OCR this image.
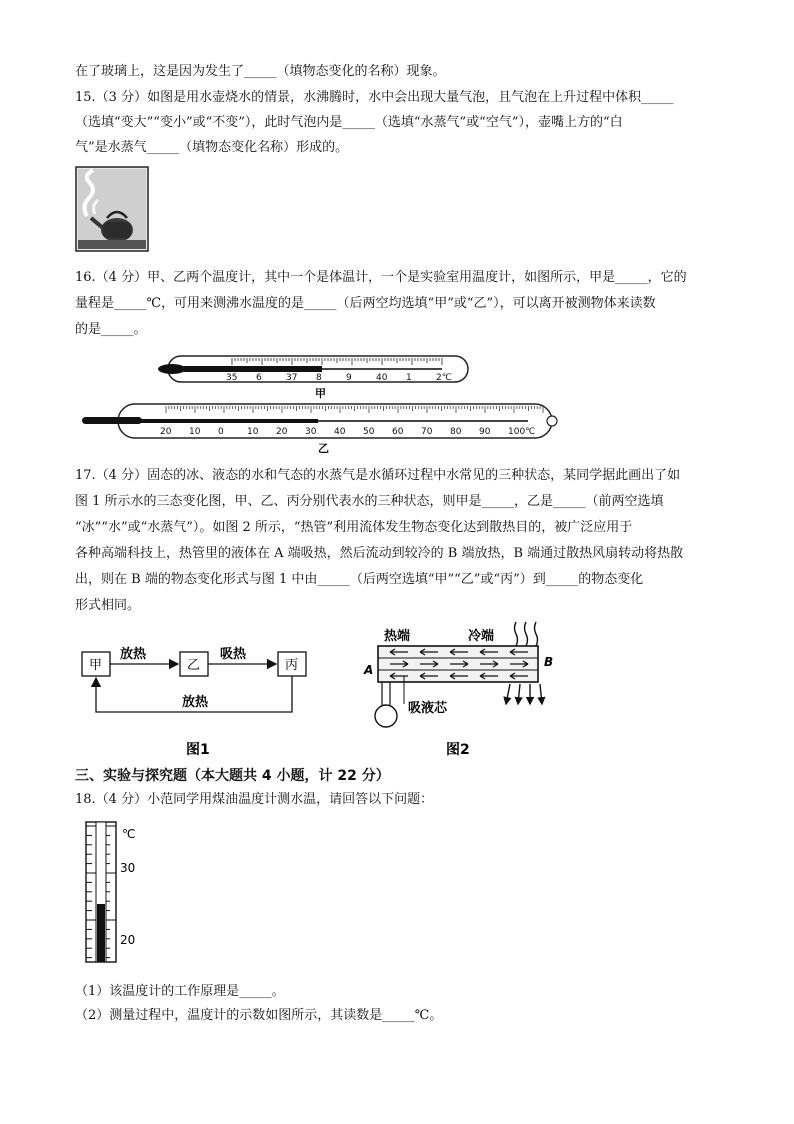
在了玻璃上，这是因为发生了_____（填物态变化的名称）现象。
15.（3 分）如图是用水壶烧水的情景，水沸腾时，水中会出现大量气泡，且气泡在上升过程中体积_____
（选填“变大”“变小”或“不变”），此时气泡内是_____（选填“水蒸气”或“空气”），壶嘴上方的“白
气”是水蒸气_____（填物态变化名称）形成的。
16.（4 分）甲、乙两个温度计，其中一个是体温计，一个是实验室用温度计，如图所示，甲是_____，它的
量程是_____℃，可用来测沸水温度的是_____（后两空均选填“甲”或“乙”），可以离开被测物体来读数
的是_____。
35 6	37 8	9	40 1	2℃
甲
20 10 0	10 20 30 40 50 60 70 80 90 100℃
乙
17.（4 分）固态的冰、液态的水和气态的水蒸气是水循环过程中水常见的三种状态，某同学据此画出了如
图 1 所示水的三态变化图，甲、乙、丙分别代表水的三种状态，则甲是_____，乙是_____（前两空选填
“冰”“水”或“水蒸气”）。如图 2 所示，“热管”利用流体发生物态变化达到散热目的，被广泛应用于
各种高端科技上，热管里的液体在 A 端吸热，然后流动到较冷的 B 端放热，B 端通过散热风扇转动将热散
出，则在 B 端的物态变化形式与图 1 中由_____（后两空选填“甲”“乙”或“丙”）到_____的物态变化
形式相同。
甲	乙	丙
放热	吸热
放热
图1
热端	冷端
A
B
吸液芯
图2
三、实验与探究题（本大题共 4 小题，计 22 分）
18.（4 分）小范同学用煤油温度计测水温，请回答以下问题：
℃
30
20
（1）该温度计的工作原理是_____。
（2）测量过程中，温度计的示数如图所示，其读数是_____℃。
